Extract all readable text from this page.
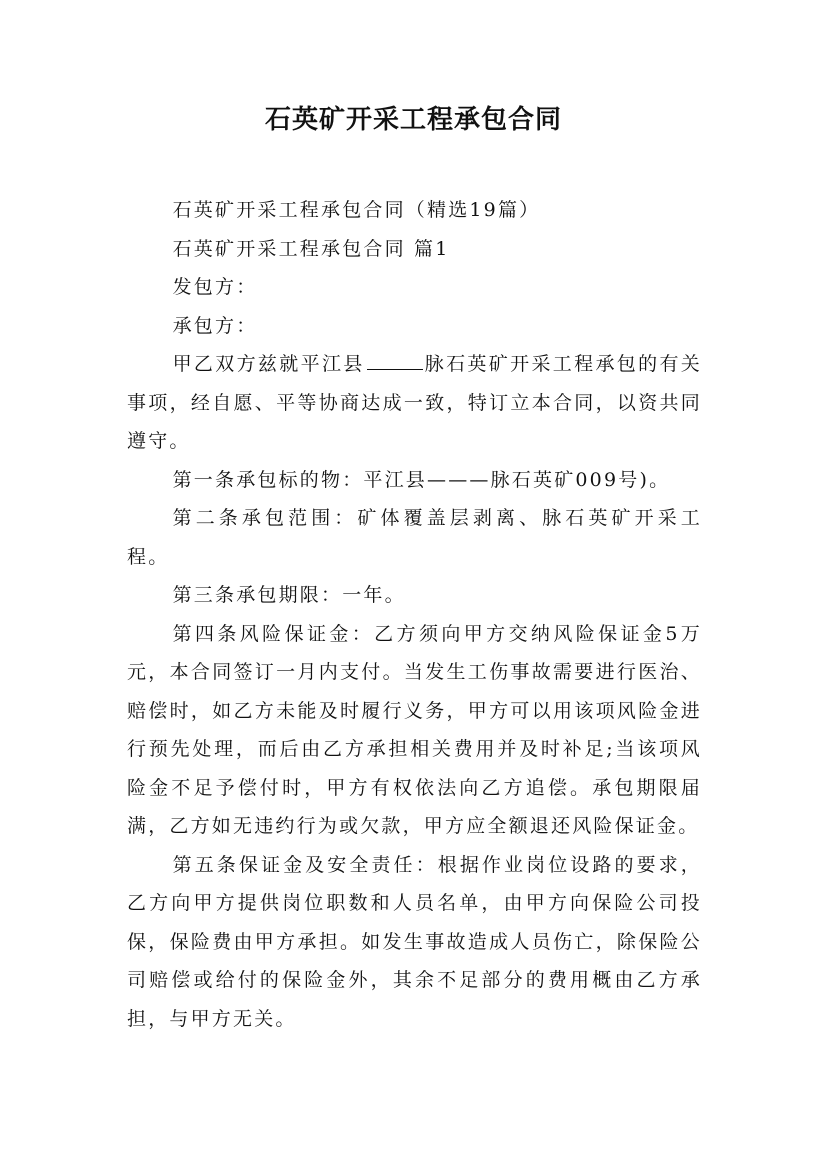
石英矿开采工程承包合同

石英矿开采工程承包合同（精选19篇）

石英矿开采工程承包合同 篇1

发包方：

承包方：

甲乙双方兹就平江县	脉石英矿开采工程承包的有关事项，经自愿、平等协商达成一致，特订立本合同，以资共同遵守。

第一条承包标的物：平江县———脉石英矿009号)。

第二条承包范围：矿体覆盖层剥离、脉石英矿开采工程。

第三条承包期限：一年。

第四条风险保证金：乙方须向甲方交纳风险保证金5万元，本合同签订一月内支付。当发生工伤事故需要进行医治、赔偿时，如乙方未能及时履行义务，甲方可以用该项风险金进行预先处理，而后由乙方承担相关费用并及时补足;当该项风险金不足予偿付时，甲方有权依法向乙方追偿。承包期限届满，乙方如无违约行为或欠款，甲方应全额退还风险保证金。

第五条保证金及安全责任：根据作业岗位设路的要求，乙方向甲方提供岗位职数和人员名单，由甲方向保险公司投保，保险费由甲方承担。如发生事故造成人员伤亡，除保险公司赔偿或给付的保险金外，其余不足部分的费用概由乙方承担，与甲方无关。
